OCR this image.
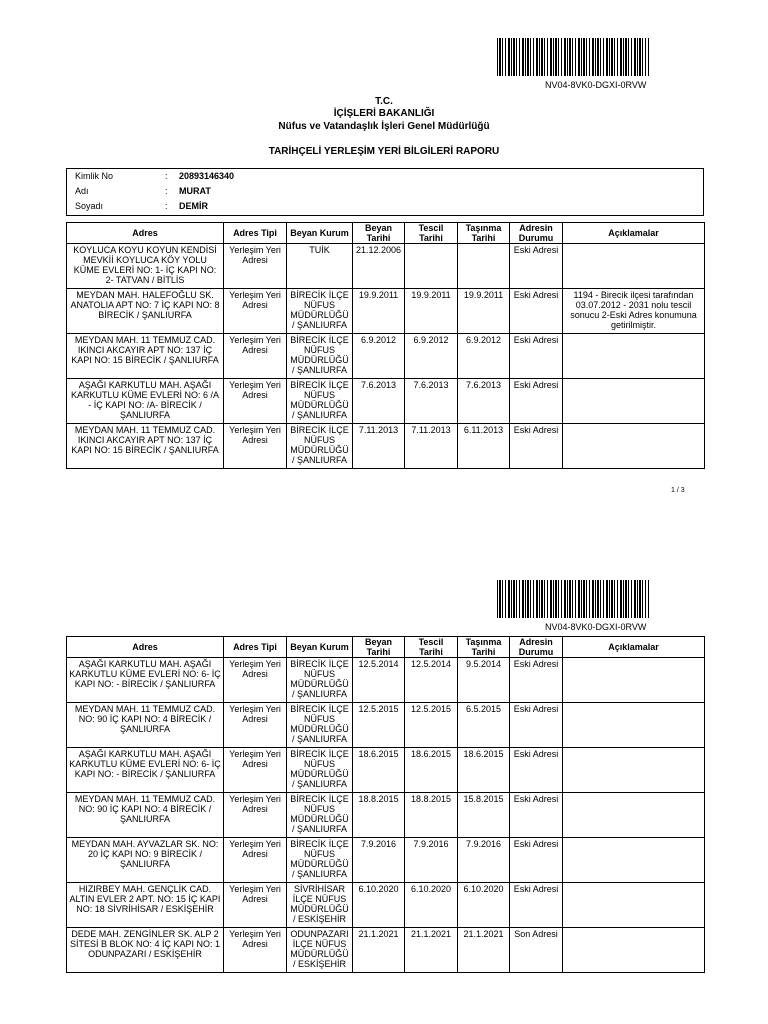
NV04-8VK0-DGXI-0RVW
T.C.
İÇİŞLERİ BAKANLIĞI
Nüfus ve Vatandaşlık İşleri Genel Müdürlüğü
TARİHÇELİ YERLEŞİM YERİ BİLGİLERİ RAPORU
Kimlik No	: 20893146340
Adı	: MURAT
Soyadı	: DEMİR
Adres	Adres Tipi	Beyan Kurum	Beyan Tarihi	Tescil Tarihi	Taşınma Tarihi	Adresin Durumu	Açıklamalar
KOYLUCA KOYU KOYUN KENDİSİ MEVKİİ KOYLUCA KÖY YOLU KÜME EVLERİ NO: 1- İÇ KAPI NO: 2- TATVAN / BİTLİS	Yerleşim Yeri Adresi	TUİK	21.12.2006			Eski Adresi	
MEYDAN MAH. HALEFOĞLU SK. ANATOLIA APT NO: 7 İÇ KAPI NO: 8 BİRECİK / ŞANLIURFA	Yerleşim Yeri Adresi	BİRECİK İLÇE NÜFUS MÜDÜRLÜĞÜ / ŞANLIURFA	19.9.2011	19.9.2011	19.9.2011	Eski Adresi	1194 - Birecik ilçesi tarafından 03.07.2012 - 2031 nolu tescil sonucu 2-Eski Adres konumuna getirilmiştir.
MEYDAN MAH. 11 TEMMUZ CAD. IKINCI AKCAYIR APT NO: 137 İÇ KAPI NO: 15 BİRECİK / ŞANLIURFA	Yerleşim Yeri Adresi	BİRECİK İLÇE NÜFUS MÜDÜRLÜĞÜ / ŞANLIURFA	6.9.2012	6.9.2012	6.9.2012	Eski Adresi	
AŞAĞI KARKUTLU MAH. AŞAĞI KARKUTLU KÜME EVLERİ NO: 6 /A - İÇ KAPI NO: /A- BİRECİK / ŞANLIURFA	Yerleşim Yeri Adresi	BİRECİK İLÇE NÜFUS MÜDÜRLÜĞÜ / ŞANLIURFA	7.6.2013	7.6.2013	7.6.2013	Eski Adresi	
MEYDAN MAH. 11 TEMMUZ CAD. IKINCI AKCAYIR APT NO: 137 İÇ KAPI NO: 15 BİRECİK / ŞANLIURFA	Yerleşim Yeri Adresi	BİRECİK İLÇE NÜFUS MÜDÜRLÜĞÜ / ŞANLIURFA	7.11.2013	7.11.2013	6.11.2013	Eski Adresi	
1 / 3
NV04-8VK0-DGXI-0RVW
Adres	Adres Tipi	Beyan Kurum	Beyan Tarihi	Tescil Tarihi	Taşınma Tarihi	Adresin Durumu	Açıklamalar
AŞAĞI KARKUTLU MAH. AŞAĞI KARKUTLU KÜME EVLERİ NO: 6- İÇ KAPI NO: - BİRECİK / ŞANLIURFA	Yerleşim Yeri Adresi	BİRECİK İLÇE NÜFUS MÜDÜRLÜĞÜ / ŞANLIURFA	12.5.2014	12.5.2014	9.5.2014	Eski Adresi	
MEYDAN MAH. 11 TEMMUZ CAD. NO: 90 İÇ KAPI NO: 4 BİRECİK / ŞANLIURFA	Yerleşim Yeri Adresi	BİRECİK İLÇE NÜFUS MÜDÜRLÜĞÜ / ŞANLIURFA	12.5.2015	12.5.2015	6.5.2015	Eski Adresi	
AŞAĞI KARKUTLU MAH. AŞAĞI KARKUTLU KÜME EVLERİ NO: 6- İÇ KAPI NO: - BİRECİK / ŞANLIURFA	Yerleşim Yeri Adresi	BİRECİK İLÇE NÜFUS MÜDÜRLÜĞÜ / ŞANLIURFA	18.6.2015	18.6.2015	18.6.2015	Eski Adresi	
MEYDAN MAH. 11 TEMMUZ CAD. NO: 90 İÇ KAPI NO: 4 BİRECİK / ŞANLIURFA	Yerleşim Yeri Adresi	BİRECİK İLÇE NÜFUS MÜDÜRLÜĞÜ / ŞANLIURFA	18.8.2015	18.8.2015	15.8.2015	Eski Adresi	
MEYDAN MAH. AYVAZLAR SK. NO: 20 İÇ KAPI NO: 9 BİRECİK / ŞANLIURFA	Yerleşim Yeri Adresi	BİRECİK İLÇE NÜFUS MÜDÜRLÜĞÜ / ŞANLIURFA	7.9.2016	7.9.2016	7.9.2016	Eski Adresi	
HIZIRBEY MAH. GENÇLİK CAD. ALTIN EVLER 2 APT. NO: 15 İÇ KAPI NO: 18 SİVRİHİSAR / ESKİŞEHİR	Yerleşim Yeri Adresi	SİVRİHİSAR İLÇE NÜFUS MÜDÜRLÜĞÜ / ESKİŞEHİR	6.10.2020	6.10.2020	6.10.2020	Eski Adresi	
DEDE MAH. ZENGİNLER SK. ALP 2 SİTESİ B BLOK NO: 4 İÇ KAPI NO: 1 ODUNPAZARI / ESKİŞEHİR	Yerleşim Yeri Adresi	ODUNPAZARI İLÇE NÜFUS MÜDÜRLÜĞÜ / ESKİŞEHİR	21.1.2021	21.1.2021	21.1.2021	Son Adresi	
